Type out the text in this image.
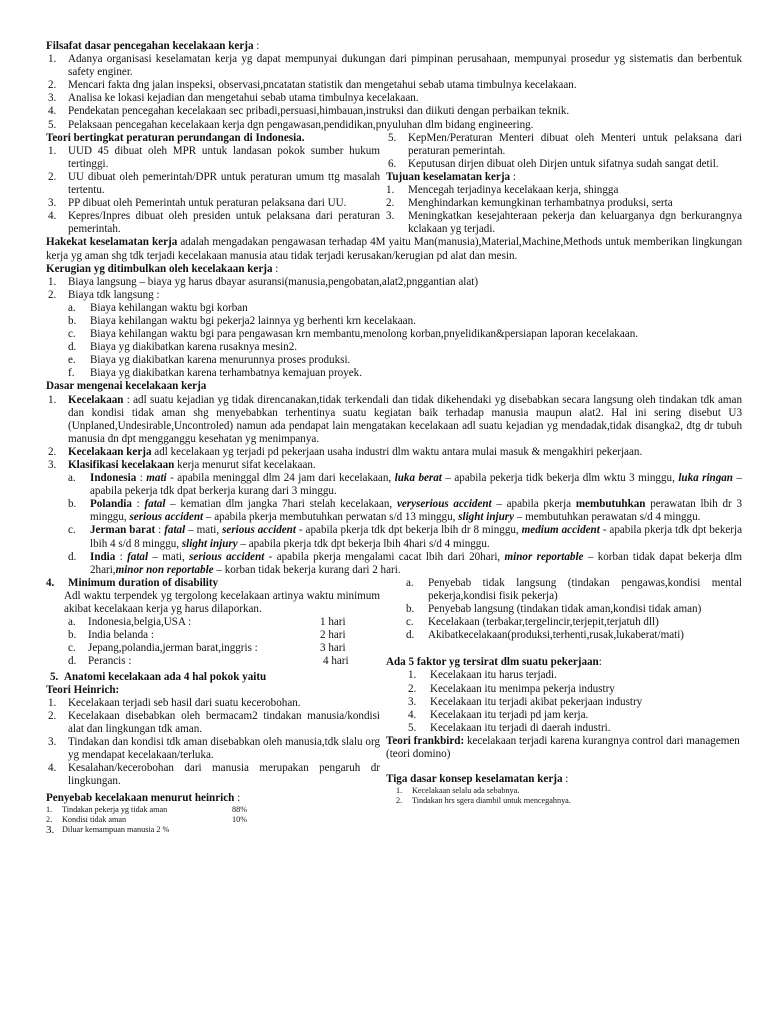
Filsafat dasar pencegahan kecelakaan kerja :
1.	Adanya organisasi keselamatan kerja yg dapat mempunyai dukungan dari pimpinan perusahaan, mempunyai prosedur yg sistematis dan berbentuk safety enginer.
2.	Mencari fakta dng jalan inspeksi, observasi,pncatatan statistik dan mengetahui sebab utama timbulnya kecelakaan.
3.	Analisa ke lokasi kejadian dan mengetahui sebab utama timbulnya kecelakaan.
4.	Pendekatan pencegahan kecelakaan sec pribadi,persuasi,himbauan,instruksi dan diikuti dengan perbaikan teknik.
5.	Pelaksaan pencegahan kecelakaan kerja dgn pengawasan,pendidikan,pnyuluhan dlm bidang engineering.
Teori bertingkat peraturan perundangan di Indonesia.
1.	UUD 45 dibuat oleh MPR untuk landasan pokok sumber hukum tertinggi.
2.	UU dibuat oleh pemerintah/DPR untuk peraturan umum ttg masalah tertentu.
3.	PP dibuat oleh Pemerintah untuk peraturan pelaksana dari UU.
4.	Kepres/Inpres dibuat oleh presiden untuk pelaksana dari peraturan pemerintah.
5.	KepMen/Peraturan Menteri dibuat oleh Menteri untuk pelaksana dari peraturan pemerintah.
6.	Keputusan dirjen dibuat oleh Dirjen untuk sifatnya sudah sangat detil.
Tujuan keselamatan kerja :
1.	Mencegah terjadinya kecelakaan kerja, shingga
2.	Menghindarkan kemungkinan terhambatnya produksi, serta
3.	Meningkatkan kesejahteraan pekerja dan keluarganya dgn berkurangnya kclakaan yg terjadi.
Hakekat keselamatan kerja adalah mengadakan pengawasan terhadap 4M yaitu Man(manusia),Material,Machine,Methods untuk memberikan lingkungan kerja yg aman shg tdk terjadi kecelakaan manusia atau tidak terjadi kerusakan/kerugian pd alat dan mesin.
Kerugian yg ditimbulkan oleh kecelakaan kerja :
1.	Biaya langsung – biaya yg harus dbayar asuransi(manusia,pengobatan,alat2,pnggantian alat)
2.	Biaya tdk langsung :
a.	Biaya kehilangan waktu bgi korban
b.	Biaya kehilangan waktu bgi pekerja2 lainnya yg berhenti krn kecelakaan.
c.	Biaya kehilangan waktu bgi para pengawasan krn membantu,menolong korban,pnyelidikan&persiapan laporan kecelakaan.
d.	Biaya yg diakibatkan karena rusaknya mesin2.
e.	Biaya yg diakibatkan karena menurunnya proses produksi.
f.	Biaya yg diakibatkan karena terhambatnya kemajuan proyek.
Dasar mengenai kecelakaan kerja
1.	Kecelakaan : adl suatu kejadian yg tidak direncanakan,tidak terkendali dan tidak dikehendaki yg disebabkan secara langsung oleh tindakan tdk aman dan kondisi tidak aman shg menyebabkan terhentinya suatu kegiatan baik terhadap manusia maupun alat2. Hal ini sering disebut U3 (Unplaned,Undesirable,Uncontroled) namun ada pendapat lain mengatakan kecelakaan adl suatu kejadian yg mendadak,tidak disangka2, dtg dr tubuh manusia dn dpt mengganggu kesehatan yg menimpanya.
2.	Kecelakaan kerja adl kecelakaan yg terjadi pd pekerjaan usaha industri dlm waktu antara mulai masuk & mengakhiri pekerjaan.
3.	Klasifikasi kecelakaan kerja menurut sifat kecelakaan.
a.	Indonesia : mati - apabila meninggal dlm 24 jam dari kecelakaan, luka berat – apabila pekerja tidk bekerja dlm wktu 3 minggu, luka ringan – apabila pekerja tdk dpat berkerja kurang dari 3 minggu.
b.	Polandia : fatal – kematian dlm jangka 7hari stelah kecelakaan, veryserious accident – apabila pkerja membutuhkan perawatan lbih dr 3 minggu, serious accident – apabila pkerja membutuhkan perwatan s/d 13 minggu, slight injury – membutuhkan perawatan s/d 4 minggu.
c.	Jerman barat : fatal – mati, serious accident - apabila pkerja tdk dpt bekerja lbih dr 8 minggu, medium accident - apabila pkerja tdk dpt bekerja lbih 4 s/d 8 minggu, slight injury – apabila pkerja tdk dpt bekerja lbih 4hari s/d 4 minggu.
d.	India : fatal – mati, serious accident - apabila pkerja mengalami cacat lbih dari 20hari, minor reportable – korban tidak dapat bekerja dlm 2hari,minor non reportable – korban tidak bekerja kurang dari 2 hari.
4.	Minimum duration of disability
Adl waktu terpendek yg tergolong kecelakaan artinya waktu minimum akibat kecelakaan kerja yg harus dilaporkan.
a.	Indonesia,belgia,USA :	1 hari
b.	India belanda :	2 hari
c.	Jepang,polandia,jerman barat,inggris :	3 hari
d.	Perancis :	4 hari
5. Anatomi kecelakaan ada 4 hal pokok yaitu
Teori Heinrich:
1.	Kecelakaan terjadi seb hasil dari suatu kecerobohan.
2.	Kecelakaan disebabkan oleh bermacam2 tindakan manusia/kondisi alat dan lingkungan tdk aman.
3.	Tindakan dan kondisi tdk aman disebabkan oleh manusia,tdk slalu org yg mendapat kecelakaan/terluka.
4.	Kesalahan/kecerobohan dari manusia merupakan pengaruh dr lingkungan.
Penyebab kecelakaan menurut heinrich :
1.	Tindakan pekerja yg tidak aman	88%
2.	Kondisi tidak aman	10%
3. Diluar kemampuan manusia 2 %
a.	Penyebab tidak langsung (tindakan pengawas,kondisi mental pekerja,kondisi fisik pekerja)
b.	Penyebab langsung (tindakan tidak aman,kondisi tidak aman)
c.	Kecelakaan (terbakar,tergelincir,terjepit,terjatuh dll)
d.	Akibatkecelakaan(produksi,terhenti,rusak,lukaberat/mati)
Ada 5 faktor yg tersirat dlm suatu pekerjaan:
1.	Kecelakaan itu harus terjadi.
2.	Kecelakaan itu menimpa pekerja industry
3.	Kecelakaan itu terjadi akibat pekerjaan industry
4.	Kecelakaan itu terjadi pd jam kerja.
5.	Kecelakaan itu terjadi di daerah industri.
Teori frankbird: kecelakaan terjadi karena kurangnya control dari managemen (teori domino)
Tiga dasar konsep keselamatan kerja :
1.	Kecelakaan selalu ada sebabnya.
2.	Tindakan hrs sgera diambil untuk mencegahnya.
